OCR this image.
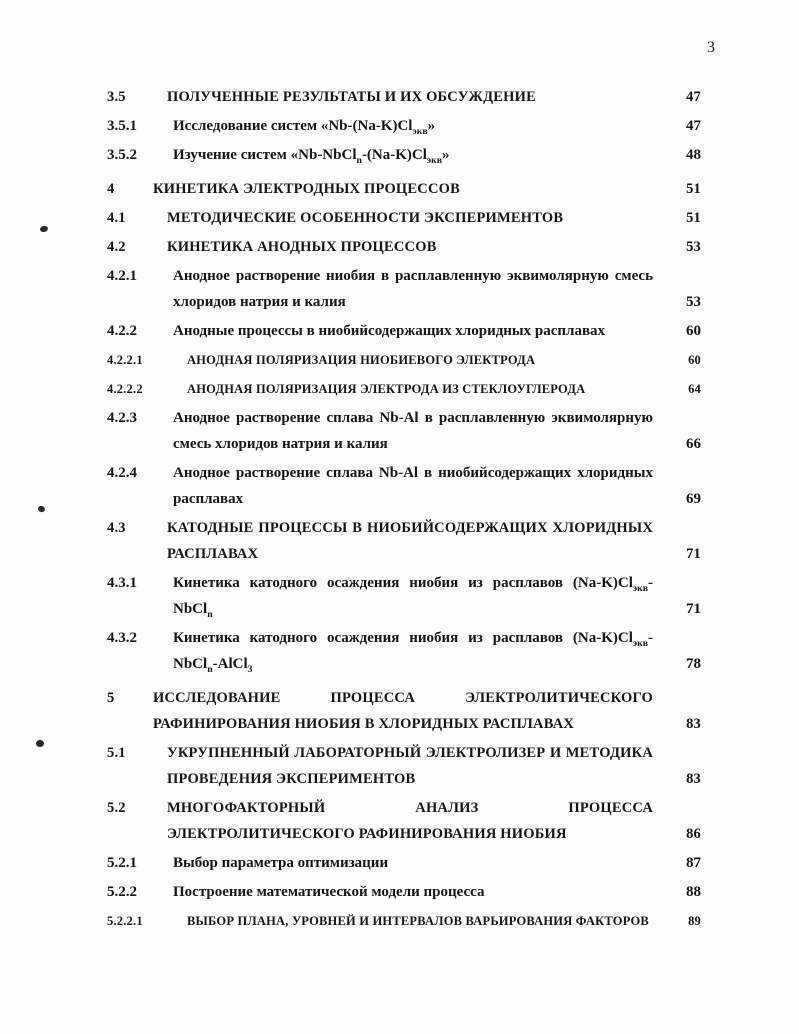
3
3.5	ПОЛУЧЕННЫЕ РЕЗУЛЬТАТЫ И ИХ ОБСУЖДЕНИЕ	47
3.5.1	Исследование систем «$Nb-(Na-K)Cl_{экв}$»	47
3.5.2	Изучение систем «$Nb-NbCl_n-(Na-K)Cl_{экв}$»	48
4	КИНЕТИКА ЭЛЕКТРОДНЫХ ПРОЦЕССОВ	51
4.1	МЕТОДИЧЕСКИЕ ОСОБЕННОСТИ ЭКСПЕРИМЕНТОВ	51
4.2	КИНЕТИКА АНОДНЫХ ПРОЦЕССОВ	53
4.2.1	Анодное растворение ниобия в расплавленную эквимолярную смесь хлоридов натрия и калия	53
4.2.2	Анодные процессы в ниобийсодержащих хлоридных расплавах	60
4.2.2.1	АНОДНАЯ ПОЛЯРИЗАЦИЯ НИОБИЕВОГО ЭЛЕКТРОДА	60
4.2.2.2	АНОДНАЯ ПОЛЯРИЗАЦИЯ ЭЛЕКТРОДА ИЗ СТЕКЛОУГЛЕРОДА	64
4.2.3	Анодное растворение сплава Nb-Al в расплавленную эквимолярную смесь хлоридов натрия и калия	66
4.2.4	Анодное растворение сплава Nb-Al в ниобийсодержащих хлоридных расплавах	69
4.3	КАТОДНЫЕ ПРОЦЕССЫ В НИОБИЙСОДЕРЖАЩИХ ХЛОРИДНЫХ РАСПЛАВАХ	71
4.3.1	Кинетика катодного осаждения ниобия из расплавов $(Na-K)Cl_{экв}-NbCl_n$	71
4.3.2	Кинетика катодного осаждения ниобия из расплавов $(Na-K)Cl_{экв}-NbCl_n-AlCl_3$	78
5	ИССЛЕДОВАНИЕ ПРОЦЕССА ЭЛЕКТРОЛИТИЧЕСКОГО РАФИНИРОВАНИЯ НИОБИЯ В ХЛОРИДНЫХ РАСПЛАВАХ	83
5.1	УКРУПНЕННЫЙ ЛАБОРАТОРНЫЙ ЭЛЕКТРОЛИЗЕР И МЕТОДИКА ПРОВЕДЕНИЯ ЭКСПЕРИМЕНТОВ	83
5.2	МНОГОФАКТОРНЫЙ АНАЛИЗ ПРОЦЕССА ЭЛЕКТРОЛИТИЧЕСКОГО РАФИНИРОВАНИЯ НИОБИЯ	86
5.2.1	Выбор параметра оптимизации	87
5.2.2	Построение математической модели процесса	88
5.2.2.1	ВЫБОР ПЛАНА, УРОВНЕЙ И ИНТЕРВАЛОВ ВАРЬИРОВАНИЯ ФАКТОРОВ	89
